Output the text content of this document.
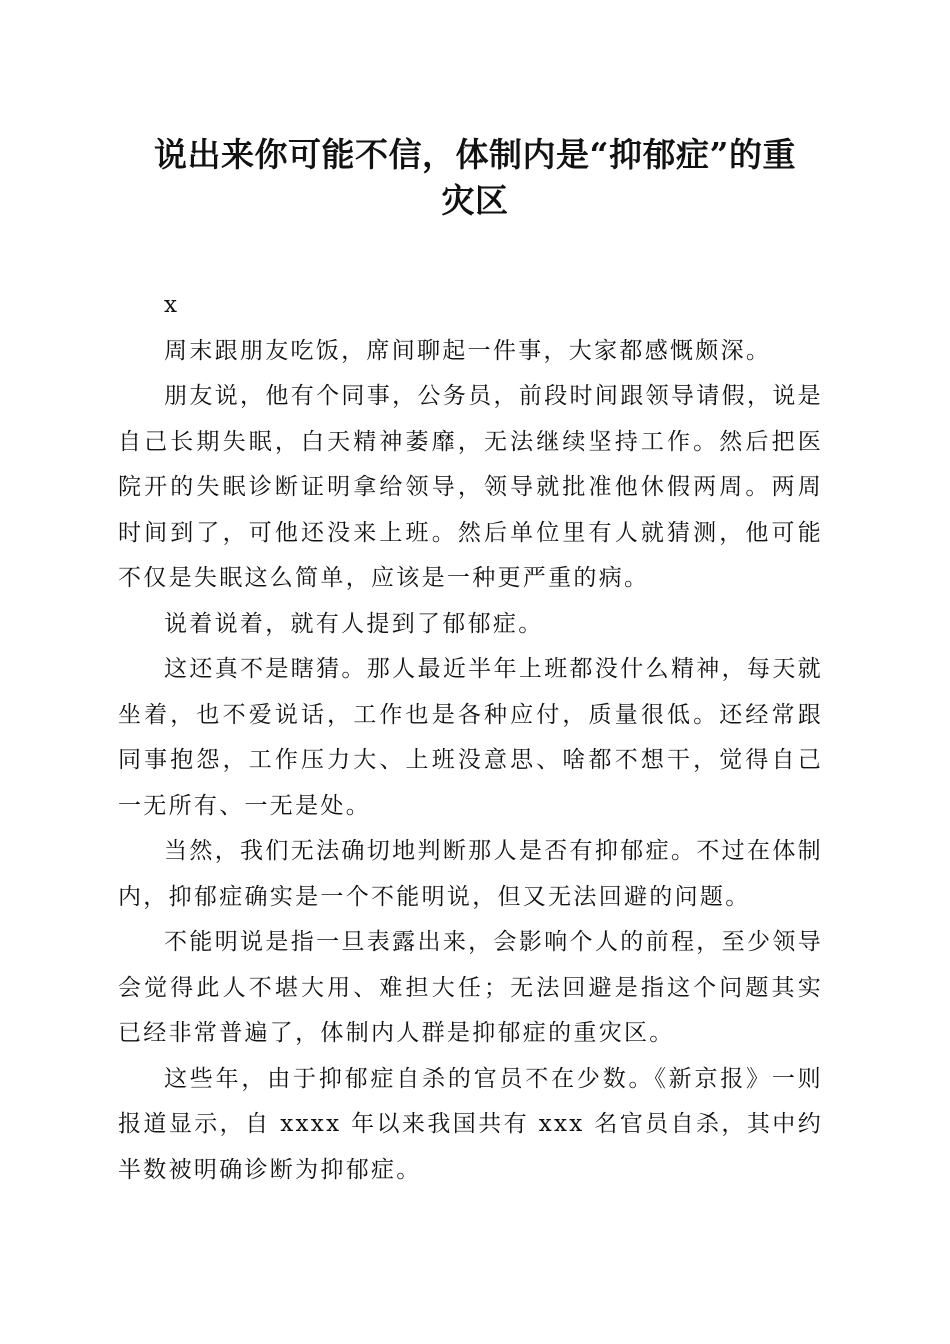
说出来你可能不信，体制内是“抑郁症”的重
灾区

x

周末跟朋友吃饭，席间聊起一件事，大家都感慨颇深。

朋友说，他有个同事，公务员，前段时间跟领导请假，说是自己长期失眠，白天精神萎靡，无法继续坚持工作。然后把医院开的失眠诊断证明拿给领导，领导就批准他休假两周。两周时间到了，可他还没来上班。然后单位里有人就猜测，他可能不仅是失眠这么简单，应该是一种更严重的病。

说着说着，就有人提到了郁郁症。

这还真不是瞎猜。那人最近半年上班都没什么精神，每天就坐着，也不爱说话，工作也是各种应付，质量很低。还经常跟同事抱怨，工作压力大、上班没意思、啥都不想干，觉得自己一无所有、一无是处。

当然，我们无法确切地判断那人是否有抑郁症。不过在体制内，抑郁症确实是一个不能明说，但又无法回避的问题。

不能明说是指一旦表露出来，会影响个人的前程，至少领导会觉得此人不堪大用、难担大任；无法回避是指这个问题其实已经非常普遍了，体制内人群是抑郁症的重灾区。

这些年，由于抑郁症自杀的官员不在少数。《新京报》一则报道显示，自 xxxx 年以来我国共有 xxx 名官员自杀，其中约半数被明确诊断为抑郁症。
